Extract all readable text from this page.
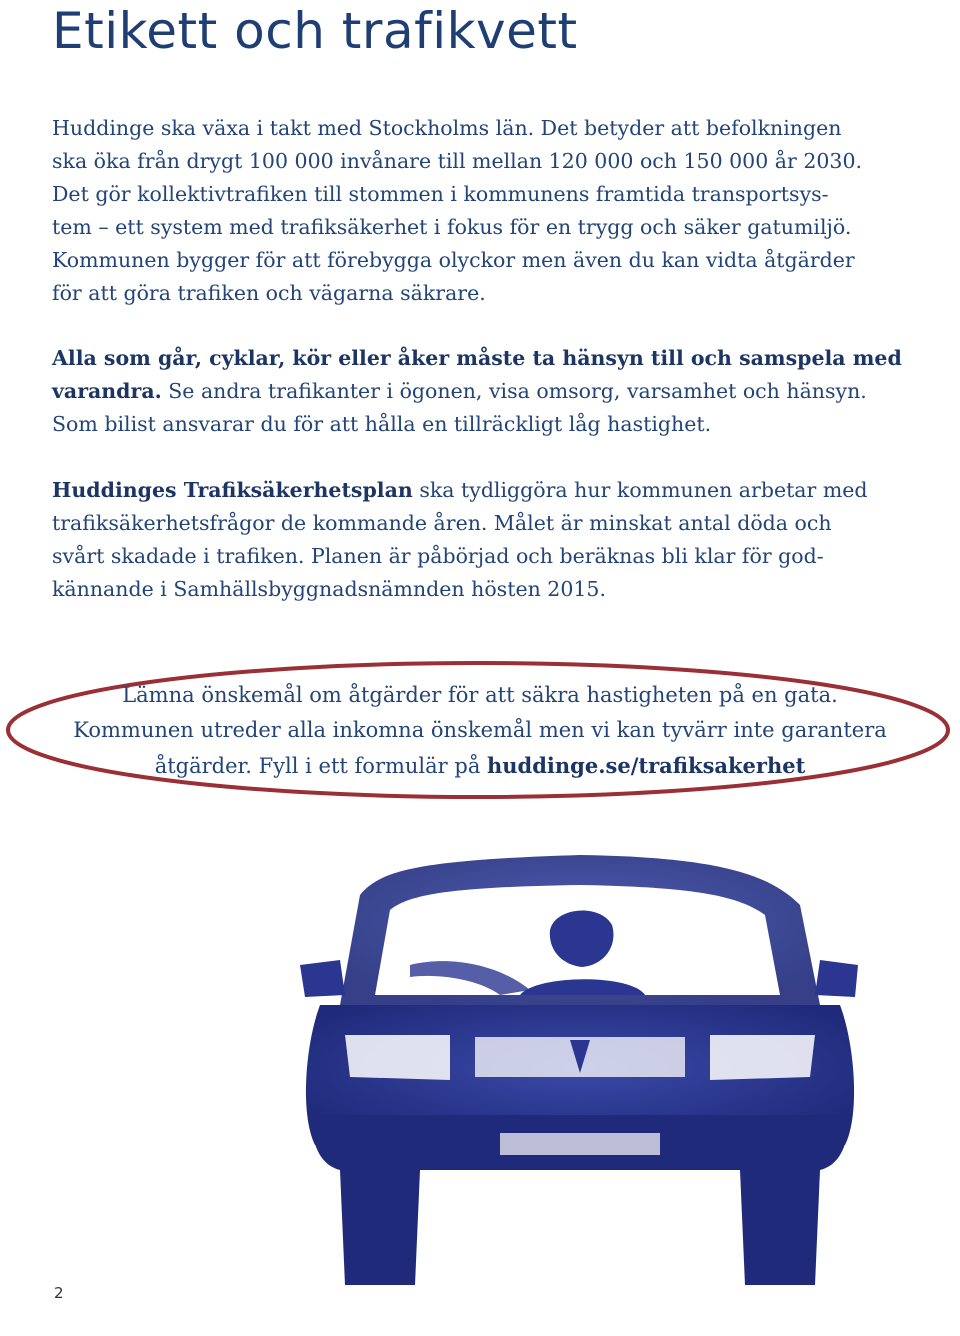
Etikett och trafikvett
Huddinge ska växa i takt med Stockholms län. Det betyder att befolkningen
ska öka från drygt 100 000 invånare till mellan 120 000 och 150 000 år 2030.
Det gör kollektivtrafiken till stommen i kommunens framtida transportsys-
tem – ett system med trafiksäkerhet i fokus för en trygg och säker gatumiljö.
Kommunen bygger för att förebygga olyckor men även du kan vidta åtgärder
för att göra trafiken och vägarna säkrare.
Alla som går, cyklar, kör eller åker måste ta hänsyn till och samspela med
varandra. Se andra trafikanter i ögonen, visa omsorg, varsamhet och hänsyn.
Som bilist ansvarar du för att hålla en tillräckligt låg hastighet.
Huddinges Trafiksäkerhetsplan ska tydliggöra hur kommunen arbetar med
trafiksäkerhetsfrågor de kommande åren. Målet är minskat antal döda och
svårt skadade i trafiken. Planen är påbörjad och beräknas bli klar för god-
kännande i Samhällsbyggnadsnämnden hösten 2015.
Lämna önskemål om åtgärder för att säkra hastigheten på en gata.
Kommunen utreder alla inkomna önskemål men vi kan tyvärr inte garantera
åtgärder. Fyll i ett formulär på huddinge.se/trafiksakerhet
2
